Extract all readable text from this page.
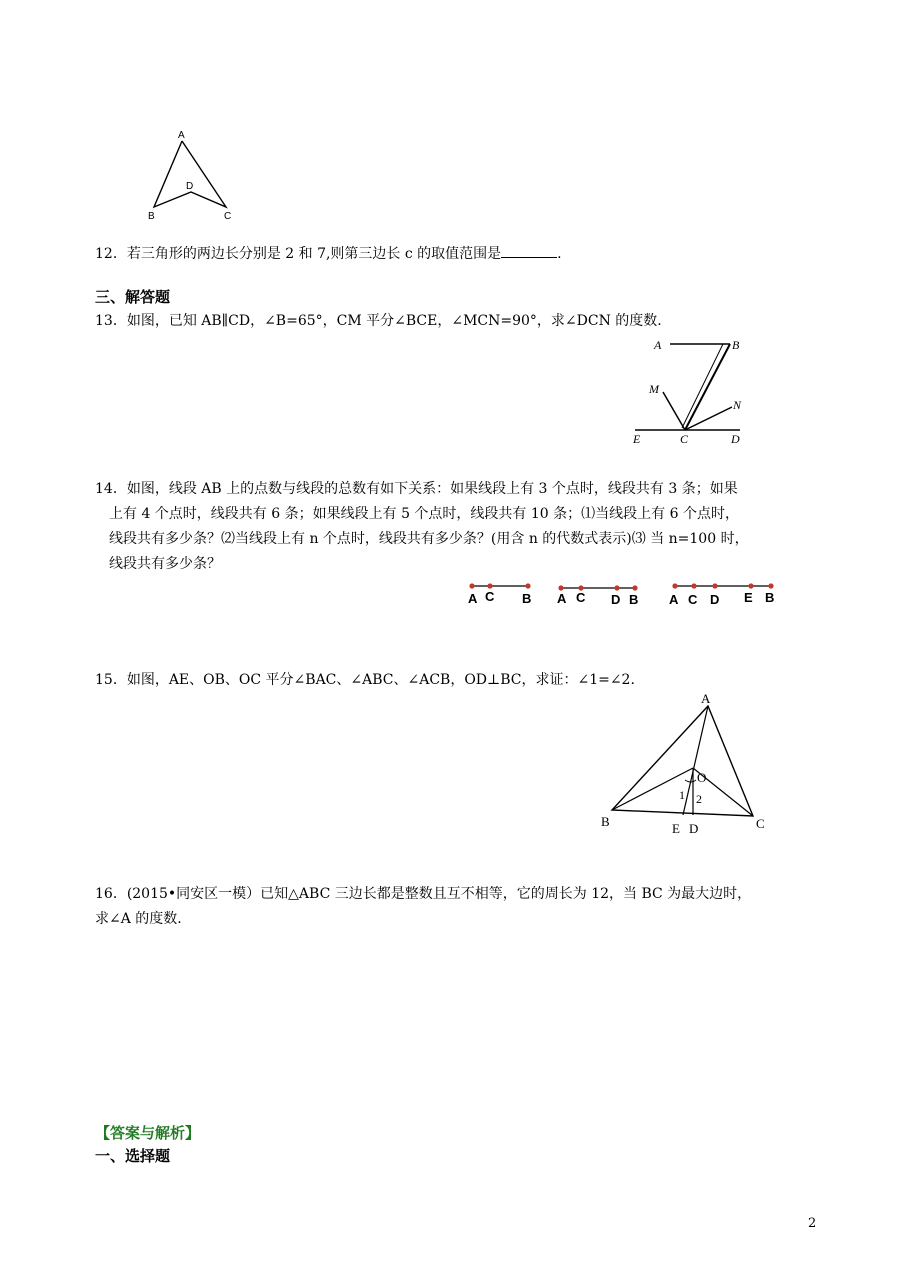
A
D
B	C
12．若三角形的两边长分别是 2 和 7,则第三边长 c 的取值范围是	.
三、解答题
13．如图，已知 AB∥CD，∠B=65°，CM 平分∠BCE，∠MCN=90°，求∠DCN 的度数.
A	B
M
N
E	C	D
14．如图，线段 AB 上的点数与线段的总数有如下关系：如果线段上有 3 个点时，线段共有 3 条；如果
上有 4 个点时，线段共有 6 条；如果线段上有 5 个点时，线段共有 10 条；⑴当线段上有 6 个点时，
线段共有多少条？⑵当线段上有 n 个点时，线段共有多少条？(用含 n 的代数式表示)⑶ 当 n=100 时，
线段共有多少条？
A C B A C D B A C D E B
15．如图，AE、OB、OC 平分∠BAC、∠ABC、∠ACB，OD⊥BC，求证：∠1=∠2.
A
O
1 2
B	E D	C
16．(2015•同安区一模）已知△ABC 三边长都是整数且互不相等，它的周长为 12，当 BC 为最大边时，
求∠A 的度数.
【答案与解析】
一、选择题
2
